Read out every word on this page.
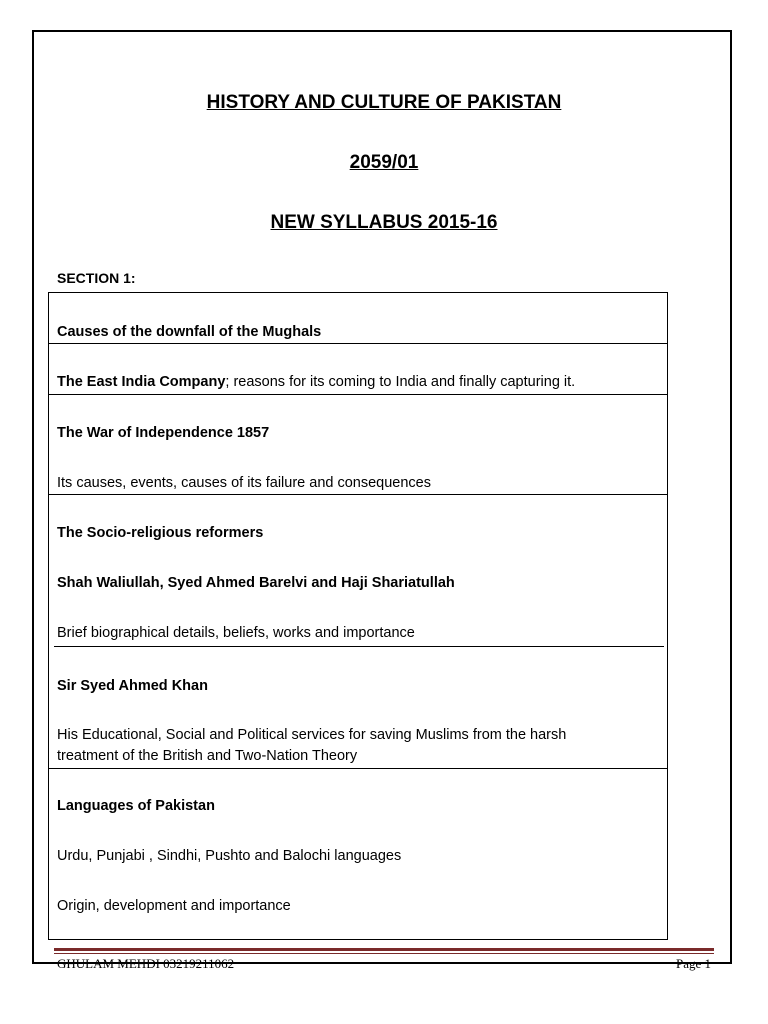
HISTORY AND CULTURE OF PAKISTAN
2059/01
NEW SYLLABUS 2015-16
SECTION 1:
Causes of the downfall of the Mughals
The East India Company; reasons for its coming to India and finally capturing it.
The War of Independence 1857
Its causes, events, causes of its failure and consequences
The Socio-religious reformers
Shah Waliullah, Syed Ahmed Barelvi and Haji Shariatullah
Brief biographical details, beliefs, works and importance
Sir Syed Ahmed Khan
His Educational, Social and Political services for saving Muslims from the harsh
treatment of the British and Two-Nation Theory
Languages of Pakistan
Urdu, Punjabi , Sindhi, Pushto and Balochi languages
Origin, development and importance
GHULAM MEHDI 03219211062	Page 1
